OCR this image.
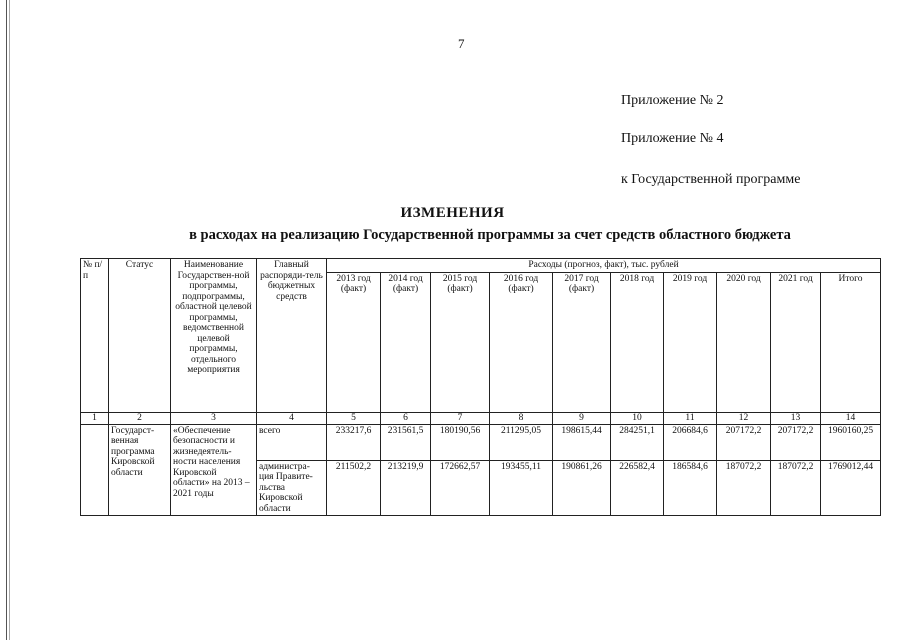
7
Приложение № 2
Приложение № 4
к Государственной программе
ИЗМЕНЕНИЯ
в расходах на реализацию Государственной программы за счет средств областного бюджета
№ п/п	Статус	Наименование Государствен-ной программы, подпрограммы, областной целевой программы, ведомственной целевой программы, отдельного мероприятия	Главный распоряди-тель бюджетных средств	Расходы (прогноз, факт), тыс. рублей									
				2013 год (факт)	2014 год (факт)	2015 год (факт)	2016 год (факт)	2017 год (факт)	2018 год	2019 год	2020 год	2021 год	Итого
1	2	3	4	5	6	7	8	9	10	11	12	13	14
	Государст-венная программа Кировской области	«Обеспечение безопасности и жизнедеятель-ности населения Кировской области» на 2013 – 2021 годы	всего	233217,6	231561,5	180190,56	211295,05	198615,44	284251,1	206684,6	207172,2	207172,2	1960160,25
			администра-ция Правите-льства Кировской области	211502,2	213219,9	172662,57	193455,11	190861,26	226582,4	186584,6	187072,2	187072,2	1769012,44
